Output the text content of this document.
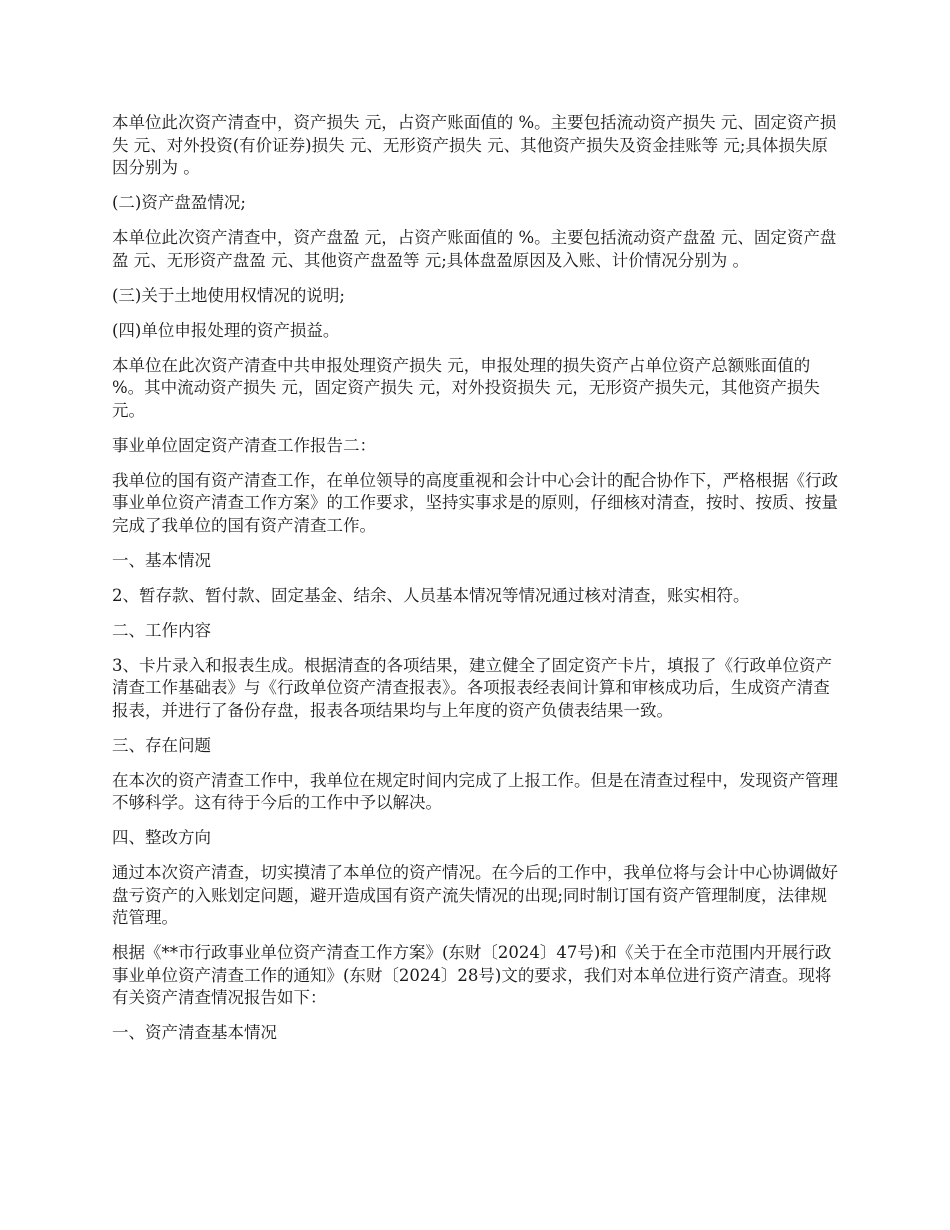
本单位此次资产清查中，资产损失 元，占资产账面值的 %。主要包括流动资产损失 元、固定资产损失 元、对外投资(有价证券)损失 元、无形资产损失 元、其他资产损失及资金挂账等 元;具体损失原因分别为 。

(二)资产盘盈情况;

本单位此次资产清查中，资产盘盈 元，占资产账面值的 %。主要包括流动资产盘盈 元、固定资产盘盈 元、无形资产盘盈 元、其他资产盘盈等 元;具体盘盈原因及入账、计价情况分别为 。

(三)关于土地使用权情况的说明;

(四)单位申报处理的资产损益。

本单位在此次资产清查中共申报处理资产损失 元，申报处理的损失资产占单位资产总额账面值的 %。其中流动资产损失 元，固定资产损失 元，对外投资损失 元，无形资产损失元，其他资产损失 元。

事业单位固定资产清查工作报告二：

我单位的国有资产清查工作，在单位领导的高度重视和会计中心会计的配合协作下，严格根据《行政事业单位资产清查工作方案》的工作要求，坚持实事求是的原则，仔细核对清查，按时、按质、按量完成了我单位的国有资产清查工作。

一、基本情况

2、暂存款、暂付款、固定基金、结余、人员基本情况等情况通过核对清查，账实相符。

二、工作内容

3、卡片录入和报表生成。根据清查的各项结果，建立健全了固定资产卡片，填报了《行政单位资产清查工作基础表》与《行政单位资产清查报表》。各项报表经表间计算和审核成功后，生成资产清查报表，并进行了备份存盘，报表各项结果均与上年度的资产负债表结果一致。

三、存在问题

在本次的资产清查工作中，我单位在规定时间内完成了上报工作。但是在清查过程中，发现资产管理不够科学。这有待于今后的工作中予以解决。

四、整改方向

通过本次资产清查，切实摸清了本单位的资产情况。在今后的工作中，我单位将与会计中心协调做好盘亏资产的入账划定问题，避开造成国有资产流失情况的出现;同时制订国有资产管理制度，法律规范管理。

根据《**市行政事业单位资产清查工作方案》(东财〔2024〕47号)和《关于在全市范围内开展行政事业单位资产清查工作的通知》(东财〔2024〕28号)文的要求，我们对本单位进行资产清查。现将有关资产清查情况报告如下：

一、资产清查基本情况
